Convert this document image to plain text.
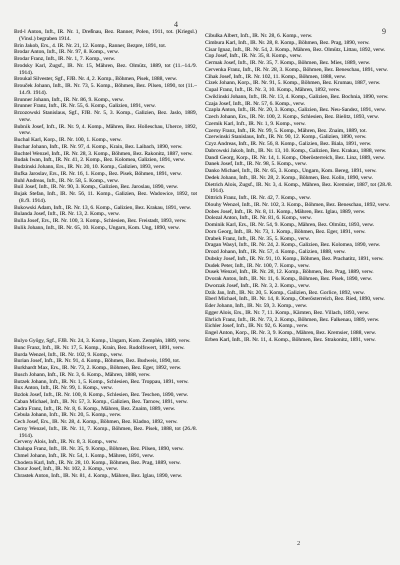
4
9

Brd-l Anton, Inft., IR. Nr. 1, Dreßnau, Bez. Ranner, Polen, 1911, tot. (Kriegsl.) (Vinsl.) begraben 1914.

Brin Jakob, Ers., 4. IR. Nr. 21, 12. Komp., Ranner, Bezpre, 1891, tot.

Brodar Anton, Inft., IR. Nr. 97, 8. Komp., verw.

Brodar Franz, Inft., IR. Nr. 1, 7. Komp., verw.

Brodsky Karl, Zugsf., IR. Nr. 15, Mähren, Bez. Olmütz, 1889, tot (11.–14./9. 1914).

Broukal Silvester, Sgf., FJB. Nr. 4, 2. Komp., Böhmen, Pisek, 1888, verw.

Brouček Johann, Inft., IR. Nr. 73, 5. Komp., Böhmen, Bez. Pilsen, 1890, tot (11.–14./9. 1914).

Brunner Johann, Inft., IR. Nr. 86, 9. Komp., verw.

Brunner Franz, Inft., IR. Nr. 55, 6. Komp., Galizien, 1891, verw.

Brzozowski Stanislaus, Sgf., FJB. Nr. 5, 3. Komp., Galizien, Bez. Jaslo, 1889, verw.

Bubnik Josef, Inft., IR. Nr. 9, 4. Komp., Mähren, Bez. Holleschau, Uherce, 1892, verw.

Buchal Karl, Korp., IR. Nr. 100, 1. Komp., verw.

Buchar Johann, Inft., IR. Nr. 97, 4. Komp., Krain, Bez. Laibach, 1890, verw.

Buchtel Wenzel, Inft., IR. Nr. 28, 3. Komp., Böhmen, Bez. Rakonitz, 1887, verw.

Budak Iwan, Inft., IR. Nr. 41, 2. Komp., Bez. Kolomea, Galizien, 1891, verw.

Budzinski Johann, Ers., IR. Nr. 20, 10. Komp., Galizien, 1893, verw.

Bufka Jaroslav, Ers., IR. Nr. 16, 1. Komp., Bez. Pisek, Böhmen, 1891, verw.

Buhl Andreas, Inft., IR. Nr. 58, 5. Komp., verw.

Buil Josef, Inft., IR. Nr. 90, 3. Komp., Galizien, Bez. Jaroslau, 1890, verw.

Bujak Stefan, Inft., IR. Nr. 56, 11. Komp., Galizien, Bez. Wadowice, 1892, tot (8./9. 1914).

Bukowski Adam, Inft., IR. Nr. 13, 6. Komp., Galizien, Bez. Krakau, 1891, verw.

Bulanda Josef, Inft., IR. Nr. 13, 2. Komp., verw.

Bulla Josef, Ers., IR. Nr. 100, 3. Komp., Schlesien, Bez. Freistadt, 1893, verw.

Bulik Johann, Inft., IR. Nr. 65, 10. Komp., Ungarn, Kom. Ung, 1890, verw.

Bulyo Gyögy, Sgf., FJB. Nr. 24, 3. Komp., Ungarn, Kom. Zemplén, 1889, verw.

Bunc Franz, Inft., IR. Nr. 17, 5. Komp., Krain, Bez. Rudolfswert, 1891, verw.

Burda Wenzel, Inft., IR. Nr. 102, 9. Komp., verw.

Burian Josef, Inft., IR. Nr. 91, 4. Komp., Böhmen, Bez. Budweis, 1890, tot.

Burkhardt Max, Ers., IR. Nr. 73, 2. Komp., Böhmen, Bez. Eger, 1892, verw.

Busch Johann, Inft., IR. Nr. 3, 6. Komp., Mähren, 1888, verw.

Butzek Johann, Inft., IR. Nr. 1, 5. Komp., Schlesien, Bez. Troppau, 1891, verw.

Bux Anton, Inft., IR. Nr. 99, 1. Komp., verw.

Bzdok Josef, Inft., IR. Nr. 100, 8. Komp., Schlesien, Bez. Teschen, 1890, verw.

Caban Michael, Inft., IR. Nr. 57, 3. Komp., Galizien, Bez. Tarnow, 1891, verw.

Cadra Franz, Inft., IR. Nr. 8, 6. Komp., Mähren, Bez. Znaim, 1889, verw.

Cebula Johann, Inft., IR. Nr. 20, 5. Komp., verw.

Cech Josef, Ers., IR. Nr. 28, 4. Komp., Böhmen, Bez. Kladno, 1892, verw.

Cerny Wenzel, Inft., IR. Nr. 11, 7. Komp., Böhmen, Bez. Pisek, 1888, tot (26./8. 1914).

Cerveny Alois, Inft., IR. Nr. 8, 3. Komp., verw.

Chalupa Franz, Inft., IR. Nr. 35, 9. Komp., Böhmen, Bez. Pilsen, 1890, verw.

Chmel Johann, Inft., IR. Nr. 54, 1. Komp., Mähren, 1891, verw.

Chodera Karl, Inft., IR. Nr. 28, 10. Komp., Böhmen, Bez. Prag, 1889, verw.

Chour Josef, Inft., IR. Nr. 102, 2. Komp., verw.

Chrastek Anton, Inft., IR. Nr. 81, 4. Komp., Mähren, Bez. Iglau, 1890, verw.

Cibulka Albert, Inft., IR. Nr. 28, 6. Komp., verw.

Cimbura Karl, Inft., IR. Nr. 28, 8. Komp., Böhmen, Bez. Prag, 1890, verw.

Cisar Ignaz, Inft., IR. Nr. 54, 2. Komp., Mähren, Bez. Olmütz, Littau, 1892, verw.

Cop Josef, Inft., IR. Nr. 35, 8. Komp., verw.

Cermak Josef, Inft., IR. Nr. 35, 7. Komp., Böhmen, Bez. Mies, 1889, verw.

Cervenka Franz, Inft., IR. Nr. 28, 3. Komp., Böhmen, Bez. Beneschau, 1891, verw.

Cihak Josef, Inft., IR. Nr. 102, 11. Komp., Böhmen, 1888, verw.

Cizek Johann, Korp., IR. Nr. 91, 5. Komp., Böhmen, Bez. Krumau, 1887, verw.

Cupal Franz, Inft., IR. Nr. 3, 10. Komp., Mähren, 1892, verw.

Cwiklinski Johann, Inft., IR. Nr. 13, 4. Komp., Galizien, Bez. Bochnia, 1890, verw.

Czaja Josef, Inft., IR. Nr. 57, 6. Komp., verw.

Czapla Anton, Inft., IR. Nr. 20, 3. Komp., Galizien, Bez. Neu-Sandez, 1891, verw.

Czech Johann, Ers., IR. Nr. 100, 2. Komp., Schlesien, Bez. Bielitz, 1893, verw.

Czernik Karl, Inft., IR. Nr. 1, 9. Komp., verw.

Czerny Franz, Inft., IR. Nr. 99, 5. Komp., Mähren, Bez. Znaim, 1889, tot.

Czerwinski Stanislaus, Inft., IR. Nr. 90, 12. Komp., Galizien, 1890, verw.

Czyz Andreas, Inft., IR. Nr. 56, 8. Komp., Galizien, Bez. Biala, 1891, verw.

Dabrowski Jakob, Inft., IR. Nr. 13, 10. Komp., Galizien, Bez. Krakau, 1888, verw.

Dandl Georg, Korp., IR. Nr. 14, 1. Komp., Oberösterreich, Bez. Linz, 1889, verw.

Danek Josef, Inft., IR. Nr. 98, 5. Komp., verw.

Danko Michael, Inft., IR. Nr. 65, 3. Komp., Ungarn, Kom. Bereg, 1891, verw.

Dedek Johann, Inft., IR. Nr. 28, 2. Komp., Böhmen, Bez. Kolin, 1890, verw.

Dietrich Alois, Zugsf., IR. Nr. 3, 4. Komp., Mähren, Bez. Kremsier, 1887, tot (28./8. 1914).

Dittrich Franz, Inft., IR. Nr. 42, 7. Komp., verw.

Dlouhy Wenzel, Inft., IR. Nr. 102, 3. Komp., Böhmen, Bez. Beneschau, 1892, verw.

Dobes Josef, Inft., IR. Nr. 8, 11. Komp., Mähren, Bez. Iglau, 1889, verw.

Dolezal Anton, Inft., IR. Nr. 81, 6. Komp., verw.

Dominik Karl, Ers., IR. Nr. 54, 9. Komp., Mähren, Bez. Olmütz, 1893, verw.

Dorn Georg, Inft., IR. Nr. 73, 1. Komp., Böhmen, Bez. Eger, 1891, verw.

Drabek Franz, Inft., IR. Nr. 35, 5. Komp., verw.

Dragan Wasyl, Inft., IR. Nr. 24, 2. Komp., Galizien, Bez. Kolomea, 1890, verw.

Drozd Johann, Inft., IR. Nr. 57, 4. Komp., Galizien, 1888, verw.

Dubsky Josef, Inft., IR. Nr. 91, 10. Komp., Böhmen, Bez. Prachatitz, 1891, verw.

Dudek Peter, Inft., IR. Nr. 100, 7. Komp., verw.

Dusek Wenzel, Inft., IR. Nr. 28, 12. Komp., Böhmen, Bez. Prag, 1889, verw.

Dvorak Anton, Inft., IR. Nr. 11, 6. Komp., Böhmen, Bez. Pisek, 1890, verw.

Dworzak Josef, Inft., IR. Nr. 3, 2. Komp., verw.

Dzik Jan, Inft., IR. Nr. 20, 5. Komp., Galizien, Bez. Gorlice, 1892, verw.

Eberl Michael, Inft., IR. Nr. 14, 8. Komp., Oberösterreich, Bez. Ried, 1890, verw.

Eder Johann, Inft., IR. Nr. 59, 3. Komp., verw.

Egger Alois, Ers., IR. Nr. 7, 11. Komp., Kärnten, Bez. Villach, 1893, verw.

Ehrlich Franz, Inft., IR. Nr. 73, 2. Komp., Böhmen, Bez. Falkenau, 1889, verw.

Eichler Josef, Inft., IR. Nr. 92, 6. Komp., verw.

Engel Anton, Korp., IR. Nr. 3, 9. Komp., Mähren, Bez. Kremsier, 1888, verw.

Erben Karl, Inft., IR. Nr. 11, 4. Komp., Böhmen, Bez. Strakonitz, 1891, verw.

2
